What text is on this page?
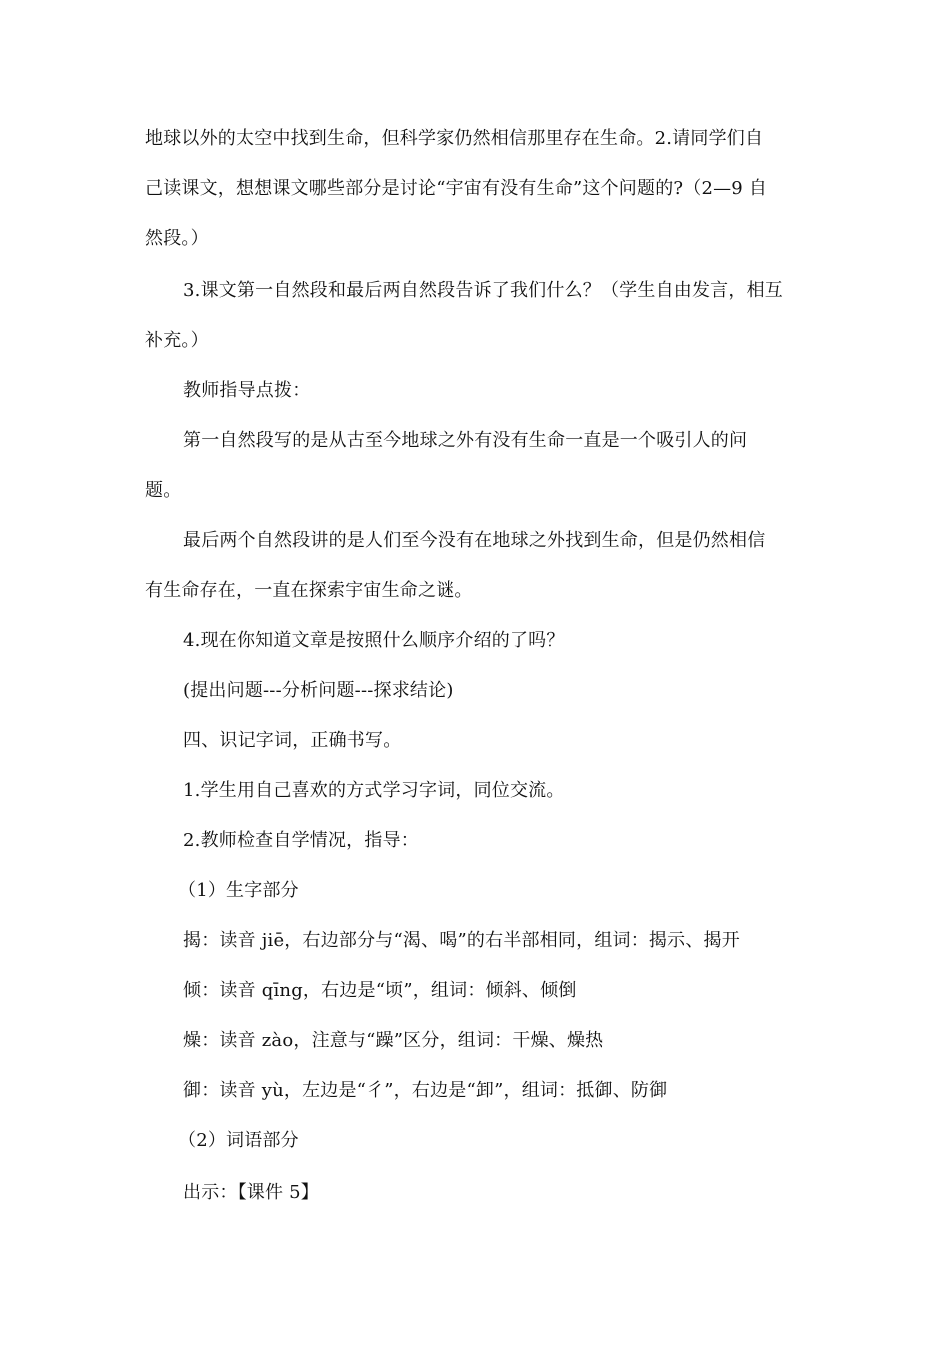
地球以外的太空中找到生命，但科学家仍然相信那里存在生命。2.请同学们自
己读课文，想想课文哪些部分是讨论“宇宙有没有生命”这个问题的?（2—9 自
然段。）
3.课文第一自然段和最后两自然段告诉了我们什么？（学生自由发言，相互
补充。）
教师指导点拨：
第一自然段写的是从古至今地球之外有没有生命一直是一个吸引人的问
题。
最后两个自然段讲的是人们至今没有在地球之外找到生命，但是仍然相信
有生命存在，一直在探索宇宙生命之谜。
4.现在你知道文章是按照什么顺序介绍的了吗？
(提出问题---分析问题---探求结论)
四、识记字词，正确书写。
1.学生用自己喜欢的方式学习字词，同位交流。
2.教师检查自学情况，指导：
（1）生字部分
揭：读音 jiē，右边部分与“渴、喝”的右半部相同，组词：揭示、揭开
倾：读音 qīng，右边是“顷”，组词：倾斜、倾倒
燥：读音 zào，注意与“躁”区分，组词：干燥、燥热
御：读音 yù，左边是“彳”，右边是“卸”，组词：抵御、防御
（2）词语部分
出示：【课件 5】
